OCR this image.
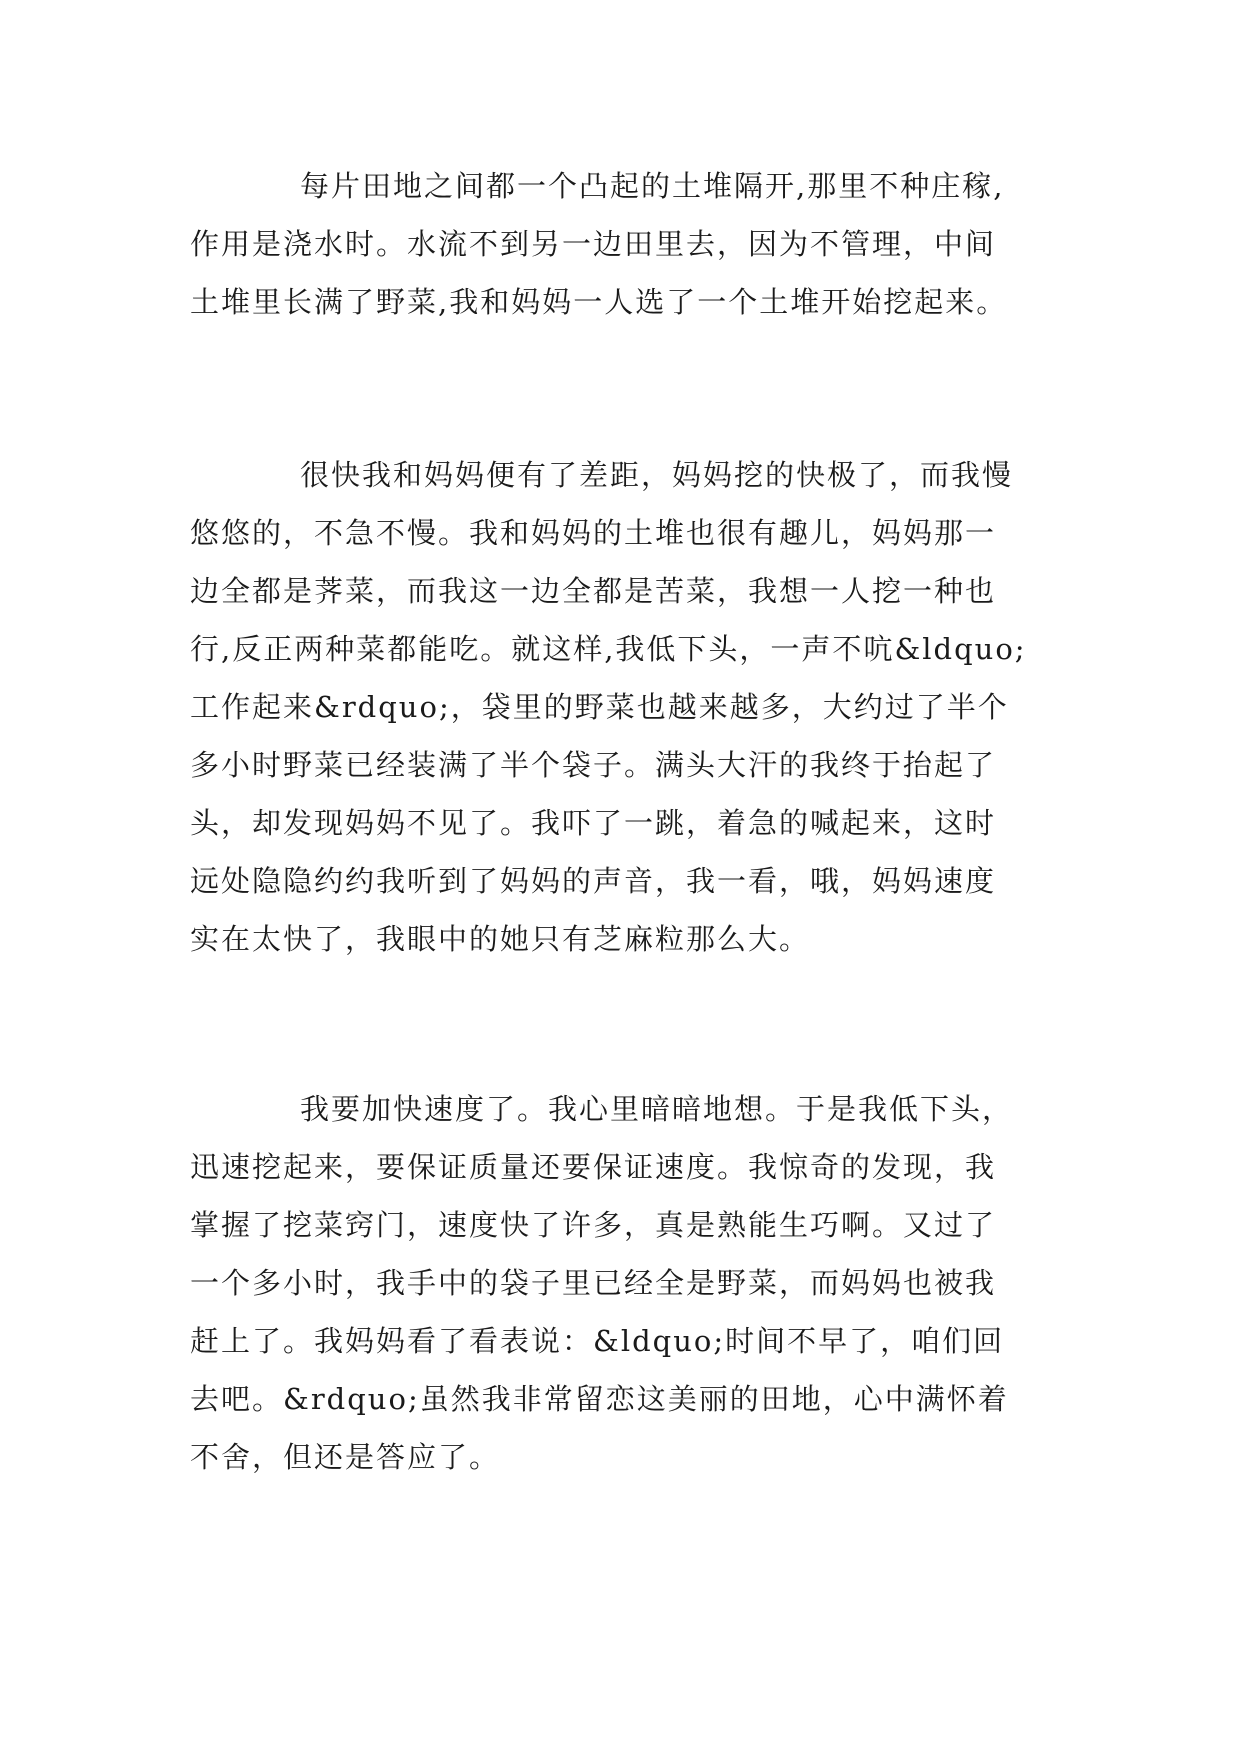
每片田地之间都一个凸起的土堆隔开,那里不种庄稼,
作用是浇水时。水流不到另一边田里去，因为不管理，中间
土堆里长满了野菜,我和妈妈一人选了一个土堆开始挖起来。
很快我和妈妈便有了差距，妈妈挖的快极了，而我慢
悠悠的，不急不慢。我和妈妈的土堆也很有趣儿，妈妈那一
边全都是荠菜，而我这一边全都是苦菜，我想一人挖一种也
行,反正两种菜都能吃。就这样,我低下头，一声不吭&ldquo;
工作起来&rdquo;，袋里的野菜也越来越多，大约过了半个
多小时野菜已经装满了半个袋子。满头大汗的我终于抬起了
头，却发现妈妈不见了。我吓了一跳，着急的喊起来，这时
远处隐隐约约我听到了妈妈的声音，我一看，哦，妈妈速度
实在太快了，我眼中的她只有芝麻粒那么大。
我要加快速度了。我心里暗暗地想。于是我低下头，
迅速挖起来，要保证质量还要保证速度。我惊奇的发现，我
掌握了挖菜窍门，速度快了许多，真是熟能生巧啊。又过了
一个多小时，我手中的袋子里已经全是野菜，而妈妈也被我
赶上了。我妈妈看了看表说：&ldquo;时间不早了，咱们回
去吧。&rdquo;虽然我非常留恋这美丽的田地，心中满怀着
不舍，但还是答应了。
